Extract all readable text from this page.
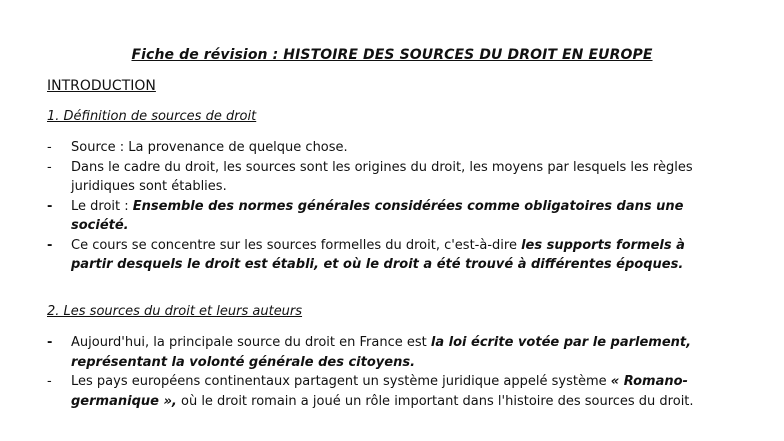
Fiche de révision : HISTOIRE DES SOURCES DU DROIT EN EUROPE
INTRODUCTION
1. Définition de sources de droit
-	Source : La provenance de quelque chose.
-	Dans le cadre du droit, les sources sont les origines du droit, les moyens par lesquels les règles juridiques sont établies.
-	Le droit : Ensemble des normes générales considérées comme obligatoires dans une société.
-	Ce cours se concentre sur les sources formelles du droit, c'est-à-dire les supports formels à partir desquels le droit est établi, et où le droit a été trouvé à différentes époques.
2. Les sources du droit et leurs auteurs
-	Aujourd'hui, la principale source du droit en France est la loi écrite votée par le parlement, représentant la volonté générale des citoyens.
-	Les pays européens continentaux partagent un système juridique appelé système « Romano-germanique », où le droit romain a joué un rôle important dans l'histoire des sources du droit.
